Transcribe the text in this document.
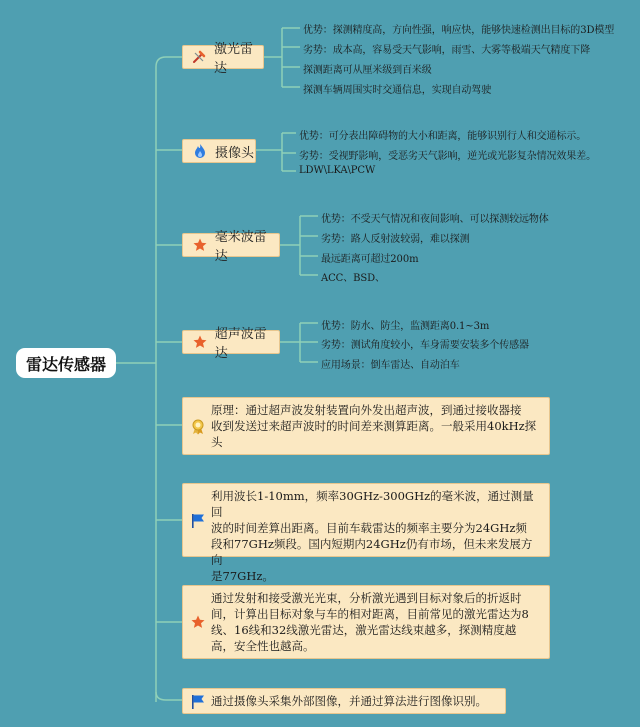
雷达传感器
激光雷达
优势：探测精度高，方向性强，响应快，能够快速检测出目标的3D模型
劣势：成本高，容易受天气影响，雨雪、大雾等极端天气精度下降
探测距离可从厘米级到百米级
探测车辆周围实时交通信息，实现自动驾驶
摄像头
优势：可分表出障碍物的大小和距离，能够识别行人和交通标示。
劣势：受视野影响，受恶劣天气影响，逆光或光影复杂情况效果差。
LDW\LKA\PCW
毫米波雷达
优势：不受天气情况和夜间影响、可以探测较远物体
劣势：路人反射波较弱，难以探测
最远距离可超过200m
ACC、BSD、
超声波雷达
优势：防水、防尘，监测距离0.1~3m
劣势：测试角度较小，车身需要安装多个传感器
应用场景：倒车雷达、自动泊车
原理：通过超声波发射装置向外发出超声波，到通过接收器接
收到发送过来超声波时的时间差来测算距离。一般采用40kHz探
头
利用波长1-10mm，频率30GHz-300GHz的毫米波，通过测量回
波的时间差算出距离。目前车载雷达的频率主要分为24GHz频
段和77GHz频段。国内短期内24GHz仍有市场，但未来发展方向
是77GHz。
通过发射和接受激光光束，分析激光遇到目标对象后的折返时
间，计算出目标对象与车的相对距离，目前常见的激光雷达为8
线、16线和32线激光雷达，激光雷达线束越多，探测精度越
高，安全性也越高。
通过摄像头采集外部图像，并通过算法进行图像识别。
